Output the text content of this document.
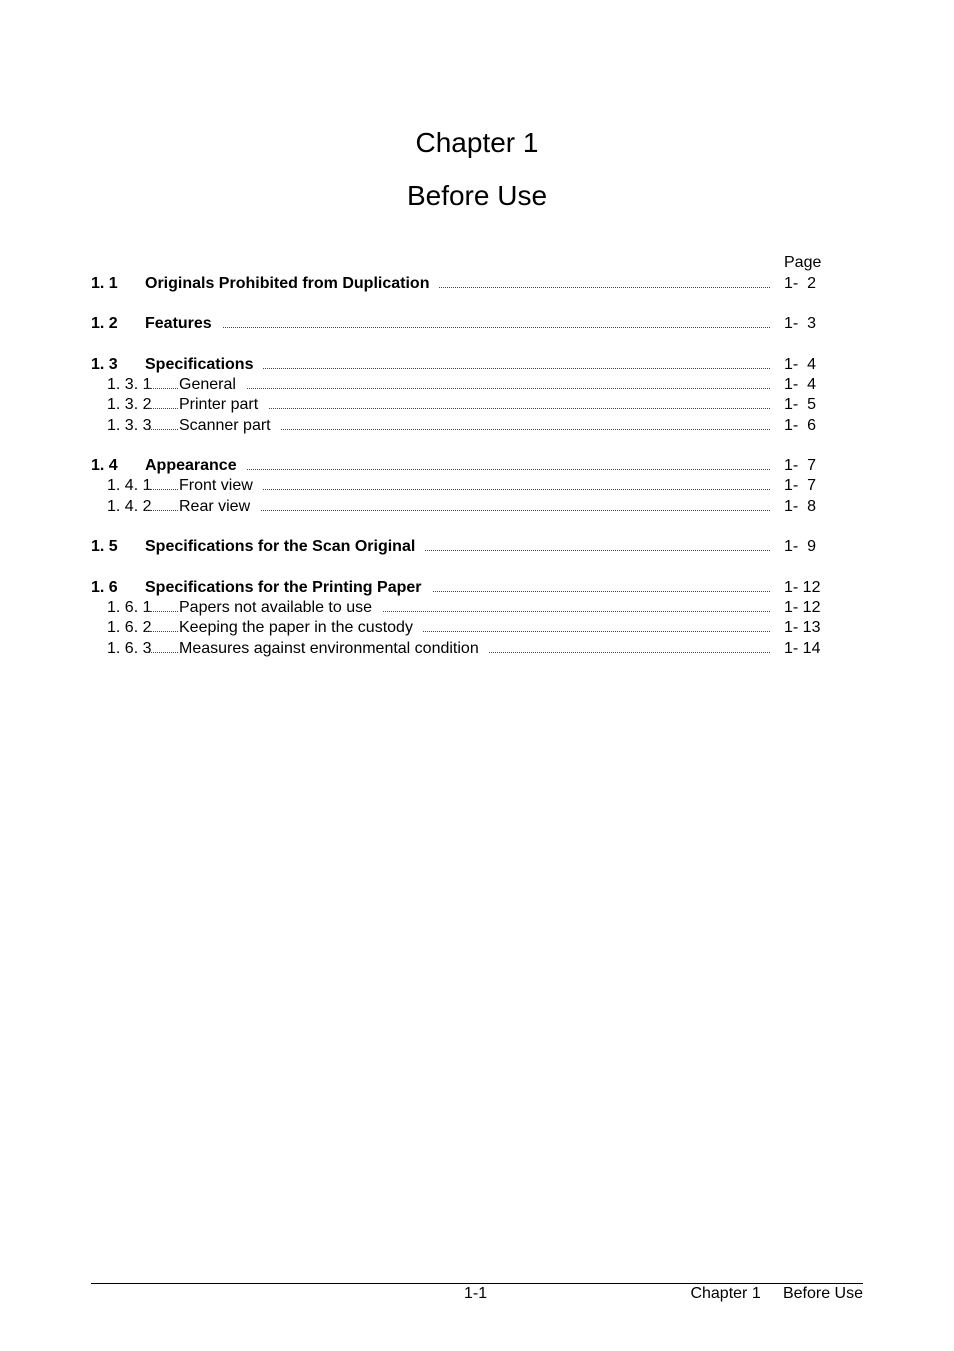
Chapter 1
Before Use
Page
1. 1 Originals Prohibited from Duplication	1-  2
1. 2 Features	1-  3
1. 3 Specifications	1-  4
1. 3. 1 General	1-  4
1. 3. 2 Printer part	1-  5
1. 3. 3 Scanner part	1-  6
1. 4 Appearance	1-  7
1. 4. 1 Front view	1-  7
1. 4. 2 Rear view	1-  8
1. 5 Specifications for the Scan Original	1-  9
1. 6 Specifications for the Printing Paper	1- 12
1. 6. 1 Papers not available to use	1- 12
1. 6. 2 Keeping the paper in the custody	1- 13
1. 6. 3 Measures against environmental condition	1- 14
1-1	Chapter 1 Before Use
